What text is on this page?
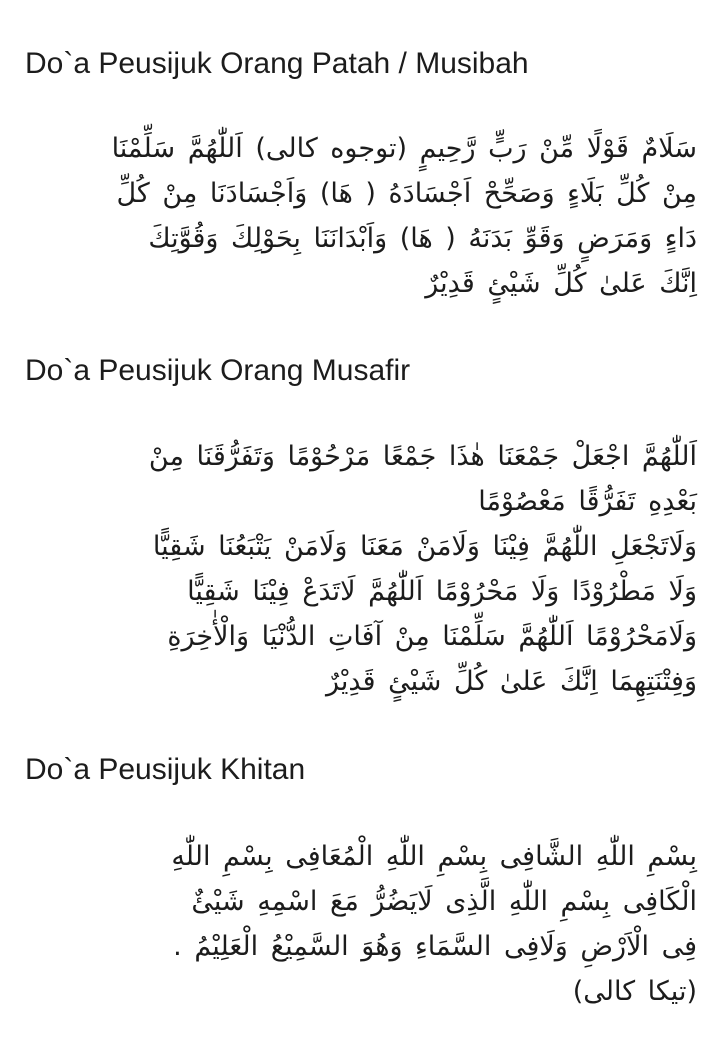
Do`a Peusijuk Orang Patah / Musibah
سَلَامٌ قَوْلًا مِّنْ رَبٍّ رَّحِيمٍ (توجوه كالى) اَللّٰهُمَّ سَلِّمْنَا
مِنْ كُلِّ بَلَاءٍ وَصَحِّحْ اَجْسَادَهُ ( هَا) وَاَجْسَادَنَا مِنْ كُلِّ
دَاءٍ وَمَرَضٍ وَقَوِّ بَدَنَهُ ( هَا) وَاَبْدَانَنَا بِحَوْلِكَ وَقُوَّتِكَ
اِنَّكَ عَلىٰ كُلِّ شَيْئٍ قَدِيْرٌ
Do`a Peusijuk Orang Musafir
اَللّٰهُمَّ اجْعَلْ جَمْعَنَا هٰذَا جَمْعًا مَرْحُوْمًا وَتَفَرُّقَنَا مِنْ
بَعْدِهِ تَفَرُّقًا مَعْصُوْمًا
وَلَاتَجْعَلِ اللّٰهُمَّ فِيْنَا وَلَامَنْ مَعَنَا وَلَامَنْ يَتْبَعُنَا شَقِيًّا
وَلَا مَطْرُوْدًا وَلَا مَحْرُوْمًا اَللّٰهُمَّ لَاتَدَعْ فِيْنَا شَقِيًّا
وَلَامَحْرُوْمًا اَللّٰهُمَّ سَلِّمْنَا مِنْ آفَاتِ الدُّنْيَا وَالْأٰخِرَةِ
وَفِتْنَتِهِمَا اِنَّكَ عَلىٰ كُلِّ شَيْئٍ قَدِيْرٌ
Do`a Peusijuk Khitan
بِسْمِ اللّٰهِ الشَّافِى بِسْمِ اللّٰهِ الْمُعَافِى بِسْمِ اللّٰهِ
الْكَافِى بِسْمِ اللّٰهِ الَّذِى لَايَضُرُّ مَعَ اسْمِهِ شَيْئٌ
فِى الْاَرْضِ وَلَافِى السَّمَاءِ وَهُوَ السَّمِيْعُ الْعَلِيْمُ .
(تيكا كالى)
